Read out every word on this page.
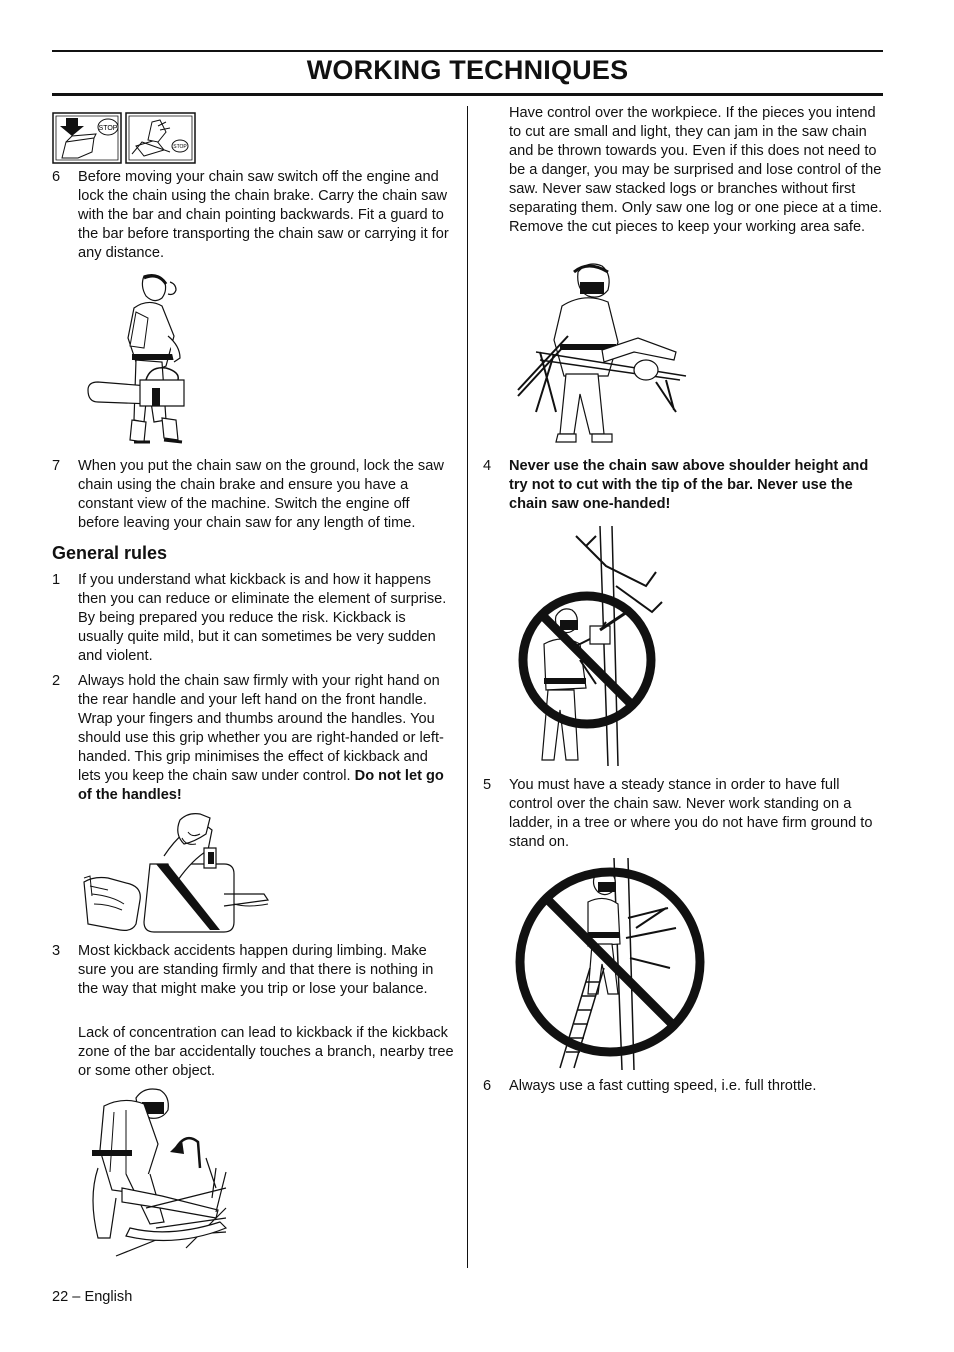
WORKING TECHNIQUES
STOP
STOP
6 Before moving your chain saw switch off the engine and lock the chain using the chain brake. Carry the chain saw with the bar and chain pointing backwards. Fit a guard to the bar before transporting the chain saw or carrying it for any distance.
7 When you put the chain saw on the ground, lock the saw chain using the chain brake and ensure you have a constant view of the machine. Switch the engine off before leaving your chain saw for any length of time.
General rules
1 If you understand what kickback is and how it happens then you can reduce or eliminate the element of surprise. By being prepared you reduce the risk. Kickback is usually quite mild, but it can sometimes be very sudden and violent.
2 Always hold the chain saw firmly with your right hand on the rear handle and your left hand on the front handle. Wrap your fingers and thumbs around the handles. You should use this grip whether you are right-handed or left-handed. This grip minimises the effect of kickback and lets you keep the chain saw under control. Do not let go of the handles!
3 Most kickback accidents happen during limbing. Make sure you are standing firmly and that there is nothing in the way that might make you trip or lose your balance.
Lack of concentration can lead to kickback if the kickback zone of the bar accidentally touches a branch, nearby tree or some other object.
22 – English
Have control over the workpiece. If the pieces you intend to cut are small and light, they can jam in the saw chain and be thrown towards you. Even if this does not need to be a danger, you may be surprised and lose control of the saw. Never saw stacked logs or branches without first separating them. Only saw one log or one piece at a time. Remove the cut pieces to keep your working area safe.
4 Never use the chain saw above shoulder height and try not to cut with the tip of the bar. Never use the chain saw one-handed!
5 You must have a steady stance in order to have full control over the chain saw. Never work standing on a ladder, in a tree or where you do not have firm ground to stand on.
6 Always use a fast cutting speed, i.e. full throttle.
